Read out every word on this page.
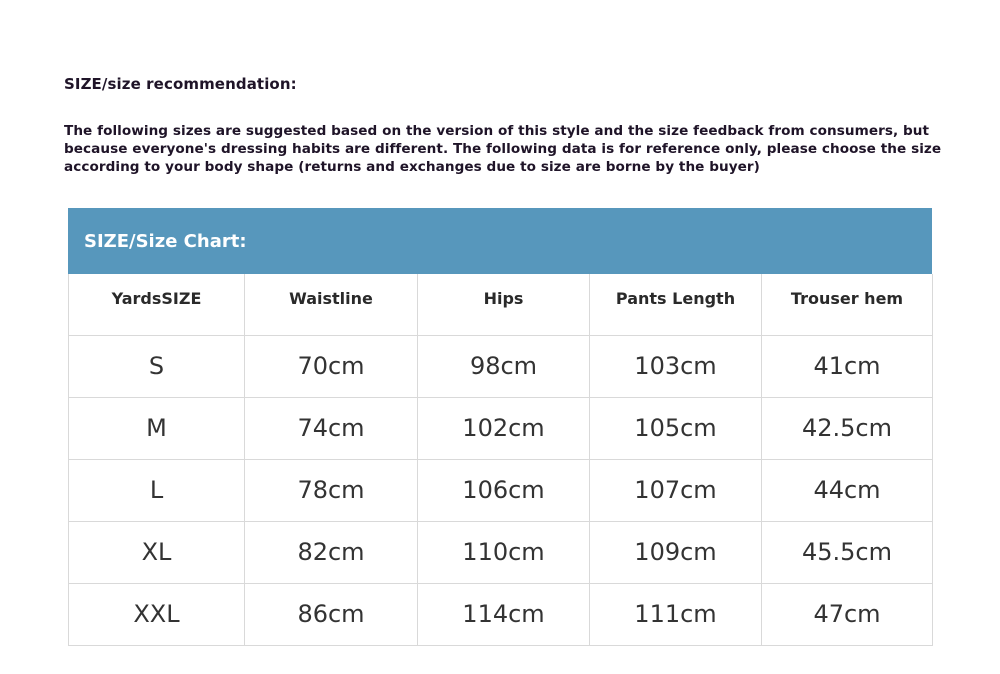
SIZE/size recommendation:

The following sizes are suggested based on the version of this style and the size feedback from consumers, but because everyone's dressing habits are different. The following data is for reference only, please choose the size according to your body shape (returns and exchanges due to size are borne by the buyer)

SIZE/Size Chart:
YardsSIZE	Waistline	Hips	Pants Length	Trouser hem
S	70cm	98cm	103cm	41cm
M	74cm	102cm	105cm	42.5cm
L	78cm	106cm	107cm	44cm
XL	82cm	110cm	109cm	45.5cm
XXL	86cm	114cm	111cm	47cm
